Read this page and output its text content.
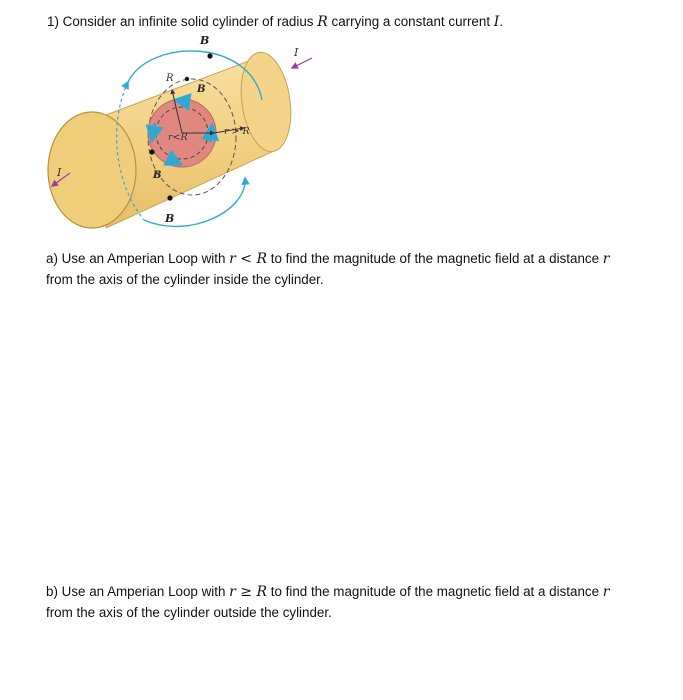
1) Consider an infinite solid cylinder of radius R carrying a constant current I.
B
B
B
B
I
I
R
r<R
r > R
a) Use an Amperian Loop with r < R to find the magnitude of the magnetic field at a distance r
from the axis of the cylinder inside the cylinder.
b) Use an Amperian Loop with r ≥ R to find the magnitude of the magnetic field at a distance r
from the axis of the cylinder outside the cylinder.
